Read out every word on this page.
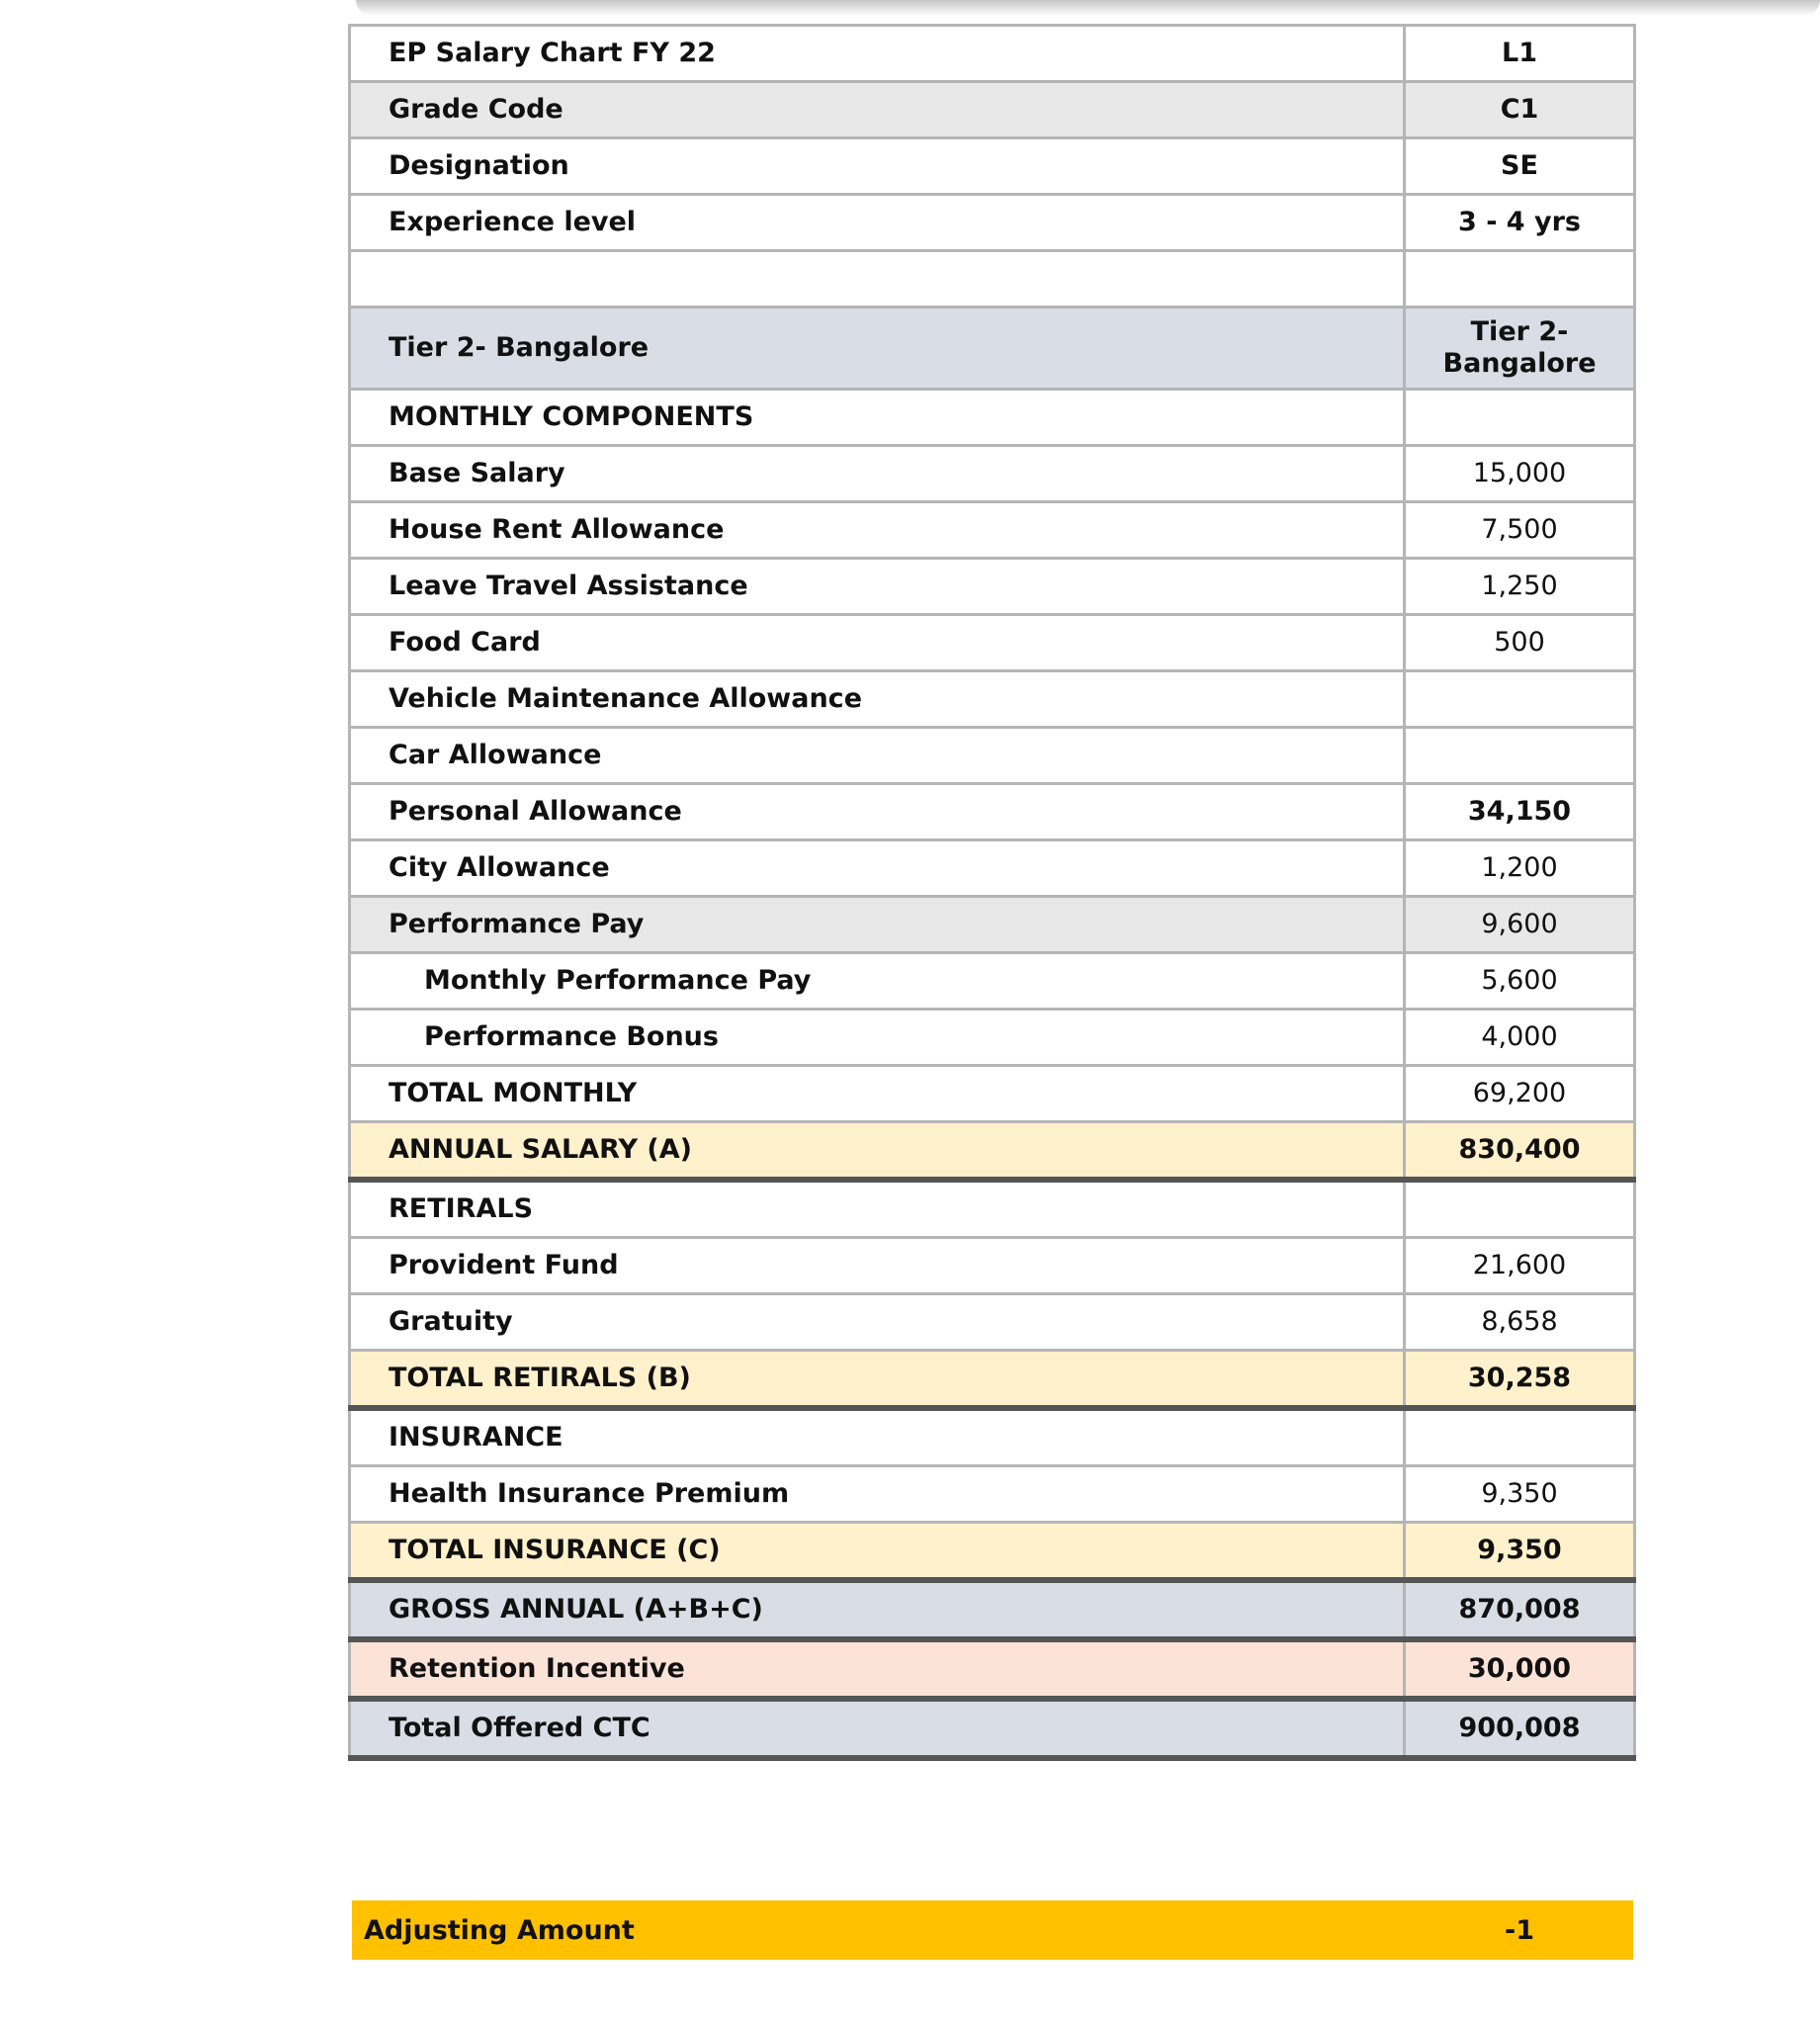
EP Salary Chart FY 22	L1
Grade Code	C1
Designation	SE
Experience level	3 - 4 yrs

Tier 2- Bangalore	Tier 2- Bangalore
MONTHLY COMPONENTS	
Base Salary	15,000
House Rent Allowance	7,500
Leave Travel Assistance	1,250
Food Card	500
Vehicle Maintenance Allowance	
Car Allowance	
Personal Allowance	34,150
City Allowance	1,200
Performance Pay	9,600
Monthly Performance Pay	5,600
Performance Bonus	4,000
TOTAL MONTHLY	69,200
ANNUAL SALARY (A)	830,400
RETIRALS	
Provident Fund	21,600
Gratuity	8,658
TOTAL RETIRALS (B)	30,258
INSURANCE	
Health Insurance Premium	9,350
TOTAL INSURANCE (C)	9,350
GROSS ANNUAL (A+B+C)	870,008
Retention Incentive	30,000
Total Offered CTC	900,008
Adjusting Amount	-1
